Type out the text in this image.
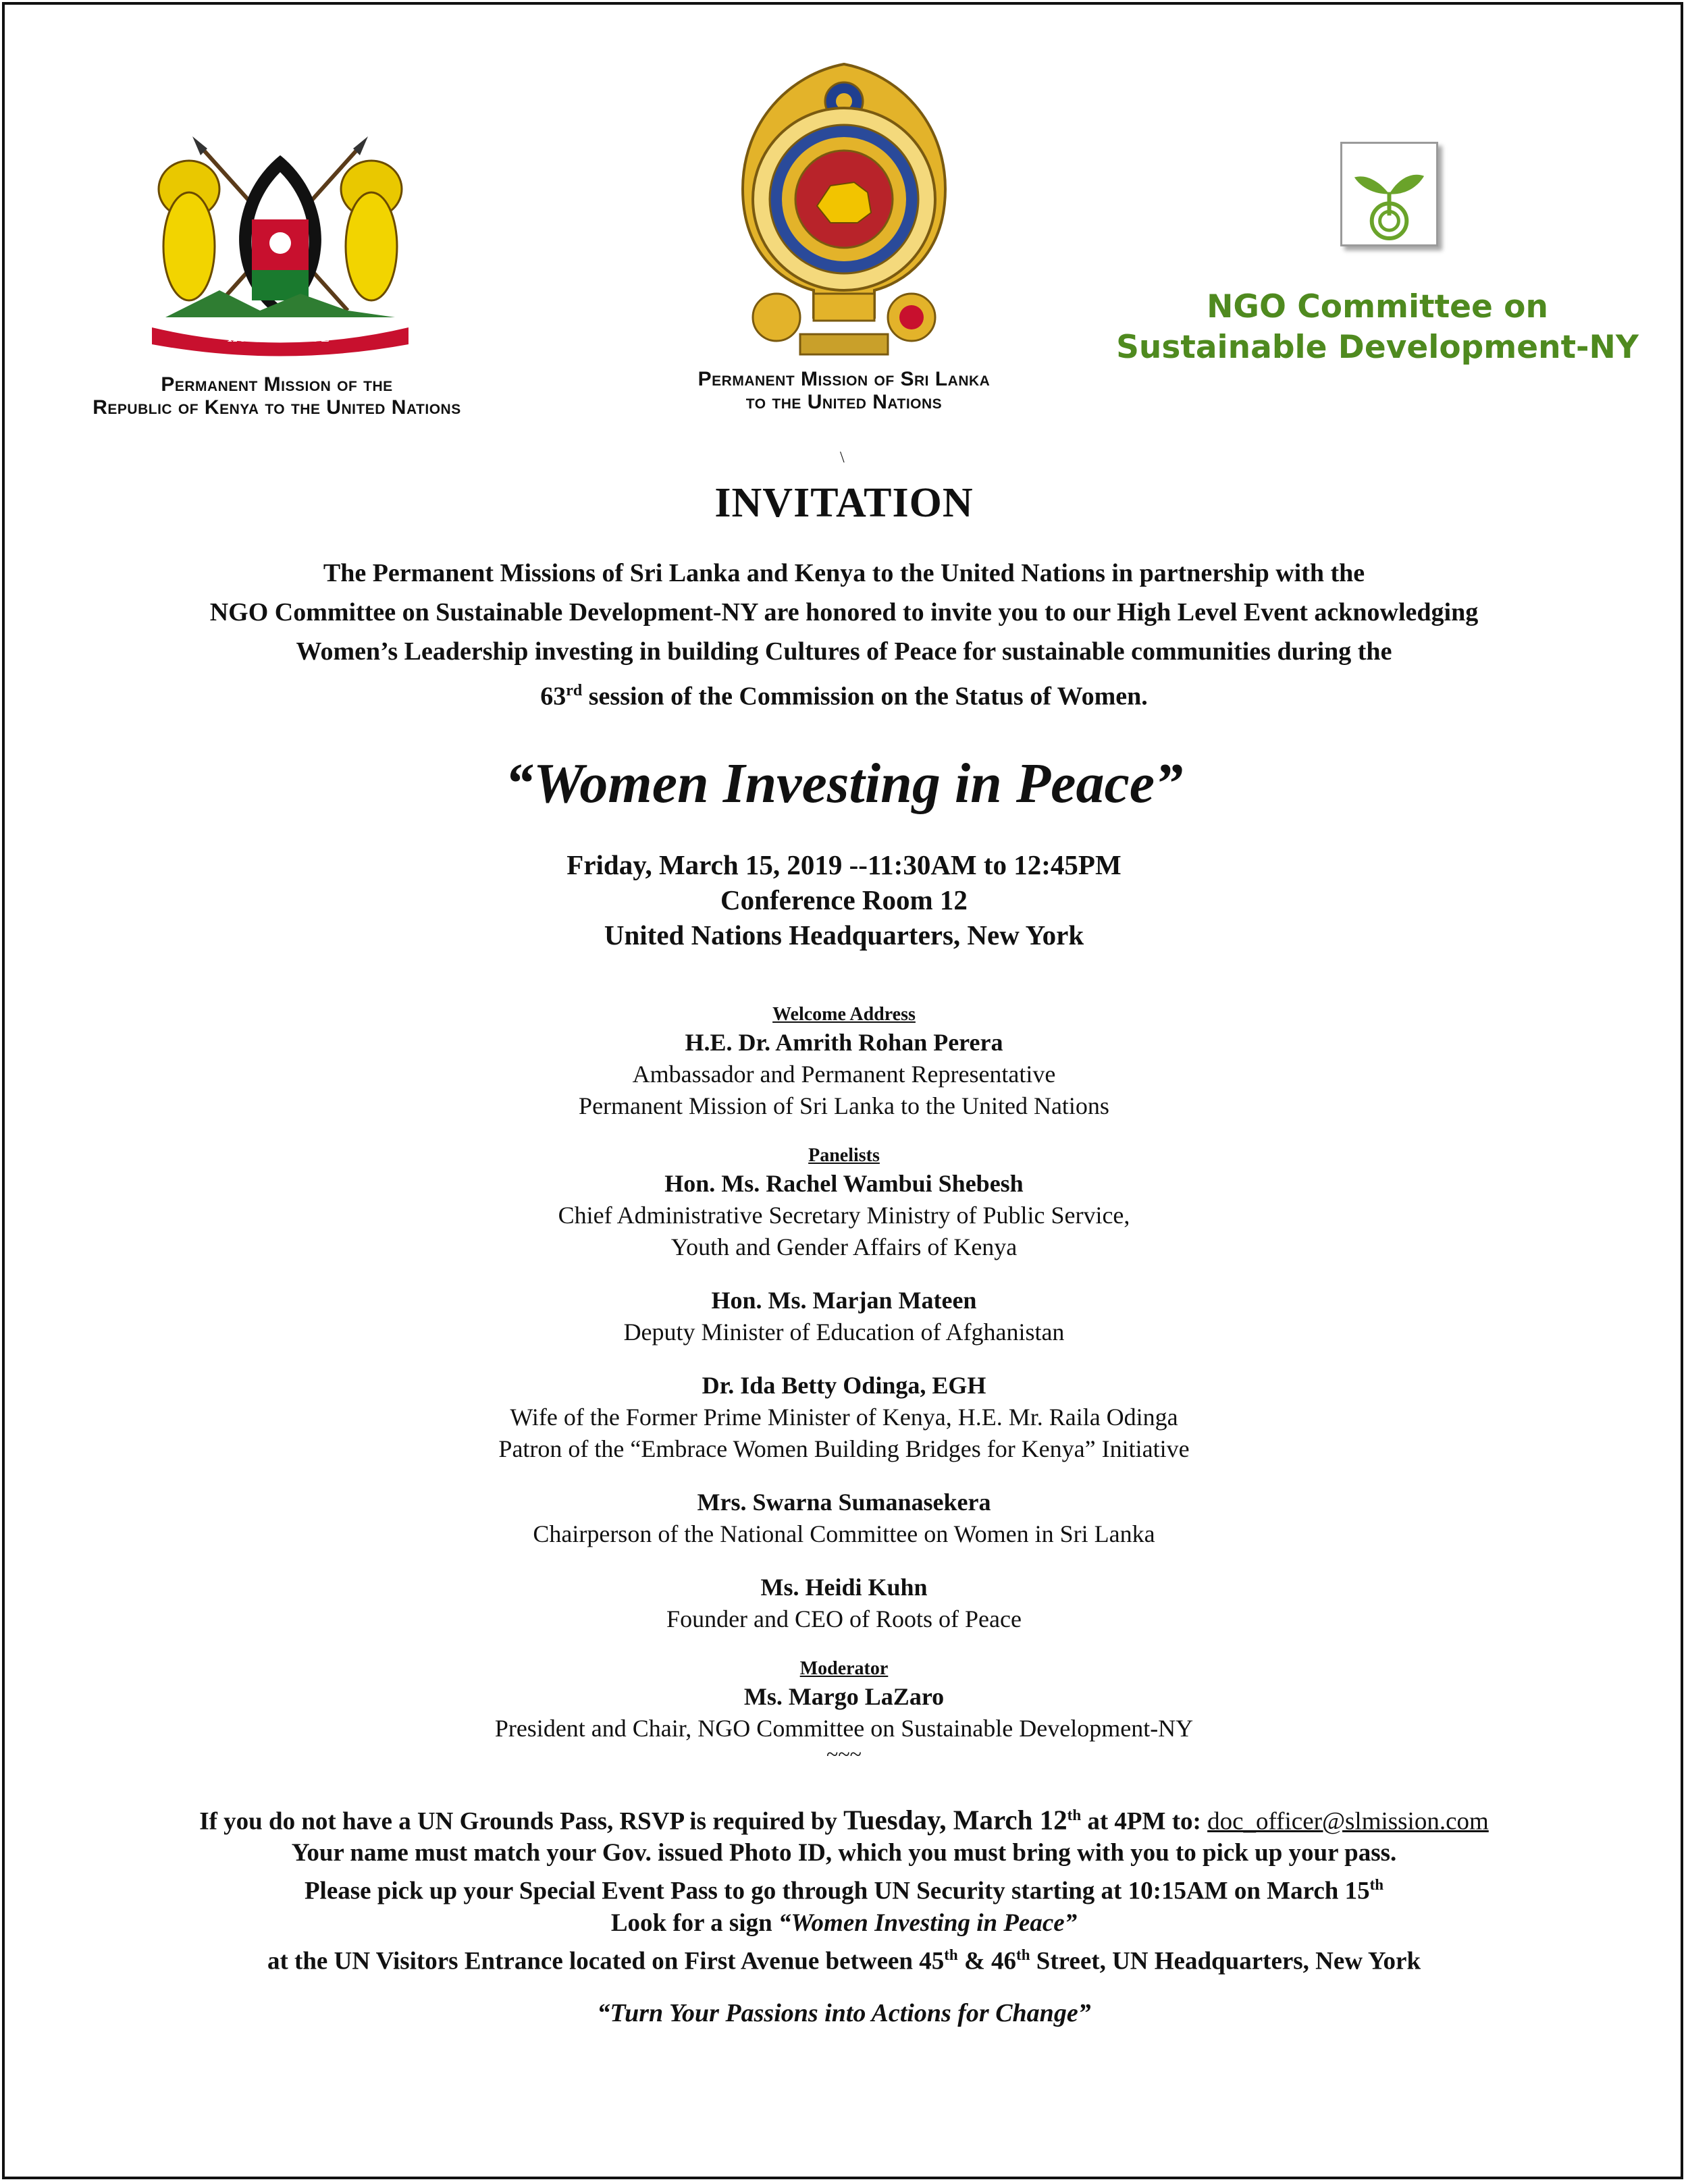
HARAMBEE
Permanent Mission of the
Republic of Kenya to the United Nations
Permanent Mission of Sri Lanka
to the United Nations
NGO Committee on
Sustainable Development-NY
\
INVITATION
The Permanent Missions of Sri Lanka and Kenya to the United Nations in partnership with the
NGO Committee on Sustainable Development-NY are honored to invite you to our High Level Event acknowledging
Women’s Leadership investing in building Cultures of Peace for sustainable communities during the
63rd session of the Commission on the Status of Women.
“Women Investing in Peace”
Friday, March 15, 2019 --11:30AM to 12:45PM
Conference Room 12
United Nations Headquarters, New York
Welcome Address
H.E. Dr. Amrith Rohan Perera
Ambassador and Permanent Representative
Permanent Mission of Sri Lanka to the United Nations
Panelists
Hon. Ms. Rachel Wambui Shebesh
Chief Administrative Secretary Ministry of Public Service,
Youth and Gender Affairs of Kenya
Hon. Ms. Marjan Mateen
Deputy Minister of Education of Afghanistan
Dr. Ida Betty Odinga, EGH
Wife of the Former Prime Minister of Kenya, H.E. Mr. Raila Odinga
Patron of the “Embrace Women Building Bridges for Kenya” Initiative
Mrs. Swarna Sumanasekera
Chairperson of the National Committee on Women in Sri Lanka
Ms. Heidi Kuhn
Founder and CEO of Roots of Peace
Moderator
Ms. Margo LaZaro
President and Chair, NGO Committee on Sustainable Development-NY
~~~
If you do not have a UN Grounds Pass, RSVP is required by Tuesday, March 12th at 4PM to: doc_officer@slmission.com
Your name must match your Gov. issued Photo ID, which you must bring with you to pick up your pass.
Please pick up your Special Event Pass to go through UN Security starting at 10:15AM on March 15th
Look for a sign “Women Investing in Peace”
at the UN Visitors Entrance located on First Avenue between 45th & 46th Street, UN Headquarters, New York
“Turn Your Passions into Actions for Change”
